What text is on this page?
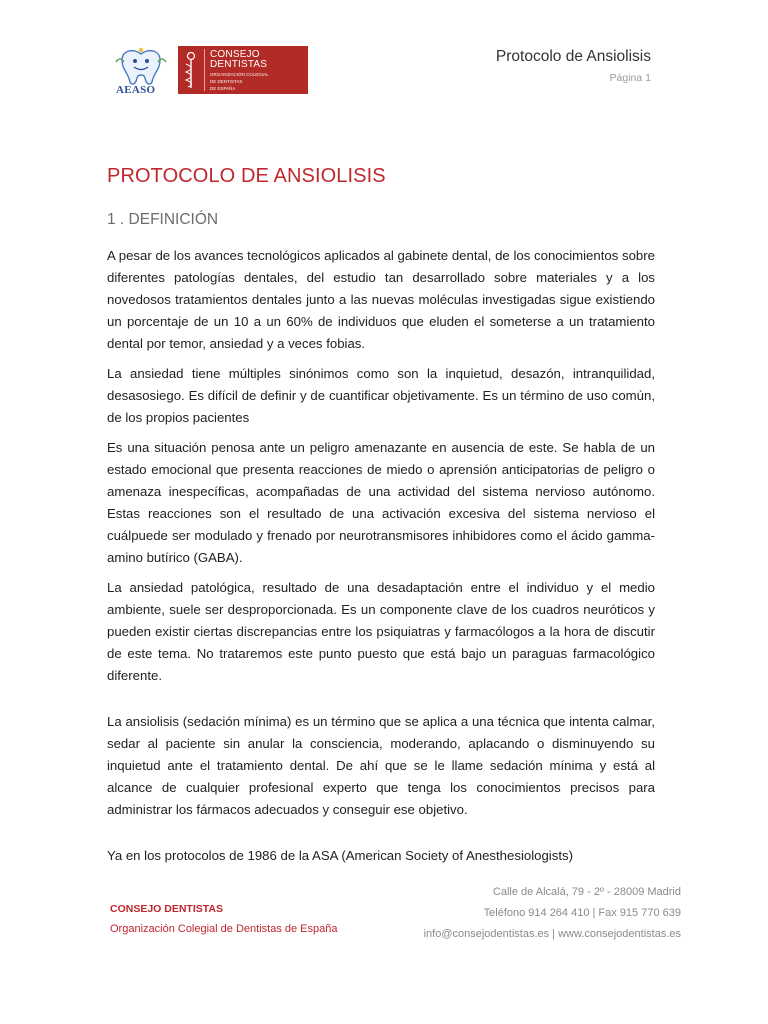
AEASO
CONSEJO
DENTISTAS
ORGANIZACIÓN COLEGIAL
DE DENTISTAS
DE ESPAÑA
Protocolo de Ansiolisis
Página 1
PROTOCOLO DE ANSIOLISIS
1 . DEFINICIÓN

A pesar de los avances tecnológicos aplicados al gabinete dental, de los conocimientos sobre diferentes patologías dentales, del estudio tan desarrollado sobre materiales y a los novedosos tratamientos dentales junto a las nuevas moléculas investigadas sigue existiendo un porcentaje de un 10 a un 60% de individuos que eluden el someterse a un tratamiento dental por temor, ansiedad y a veces fobias.

La ansiedad tiene múltiples sinónimos como son la inquietud, desazón, intranquilidad, desasosiego. Es difícil de definir y de cuantificar objetivamente. Es un término de uso común, de los propios pacientes

Es una situación penosa ante un peligro amenazante en ausencia de este. Se habla de un estado emocional que presenta reacciones de miedo o aprensión anticipatorias de peligro o amenaza inespecíficas, acompañadas de una actividad del sistema nervioso autónomo. Estas reacciones son el resultado de una activación excesiva del sistema nervioso el cuálpuede ser modulado y frenado por neurotransmisores inhibidores como el ácido gamma-amino butírico (GABA).

La ansiedad patológica, resultado de una desadaptación entre el individuo y el medio ambiente, suele ser desproporcionada. Es un componente clave de los cuadros neuróticos y pueden existir ciertas discrepancias entre los psiquiatras y farmacólogos a la hora de discutir de este tema. No trataremos este punto puesto que está bajo un paraguas farmacológico diferente.

La ansiolisis (sedación mínima) es un término que se aplica a una técnica que intenta calmar, sedar al paciente sin anular la consciencia, moderando, aplacando o disminuyendo su inquietud ante el tratamiento dental. De ahí que se le llame sedación mínima y está al alcance de cualquier profesional experto que tenga los conocimientos precisos para administrar los fármacos adecuados y conseguir ese objetivo.

Ya en los protocolos de 1986 de la ASA (American Society of Anesthesiologists)

CONSEJO DENTISTAS
Organización Colegial de Dentistas de España
Calle de Alcalá, 79 - 2º - 28009 Madrid
Teléfono 914 264 410 | Fax 915 770 639
info@consejodentistas.es | www.consejodentistas.es
